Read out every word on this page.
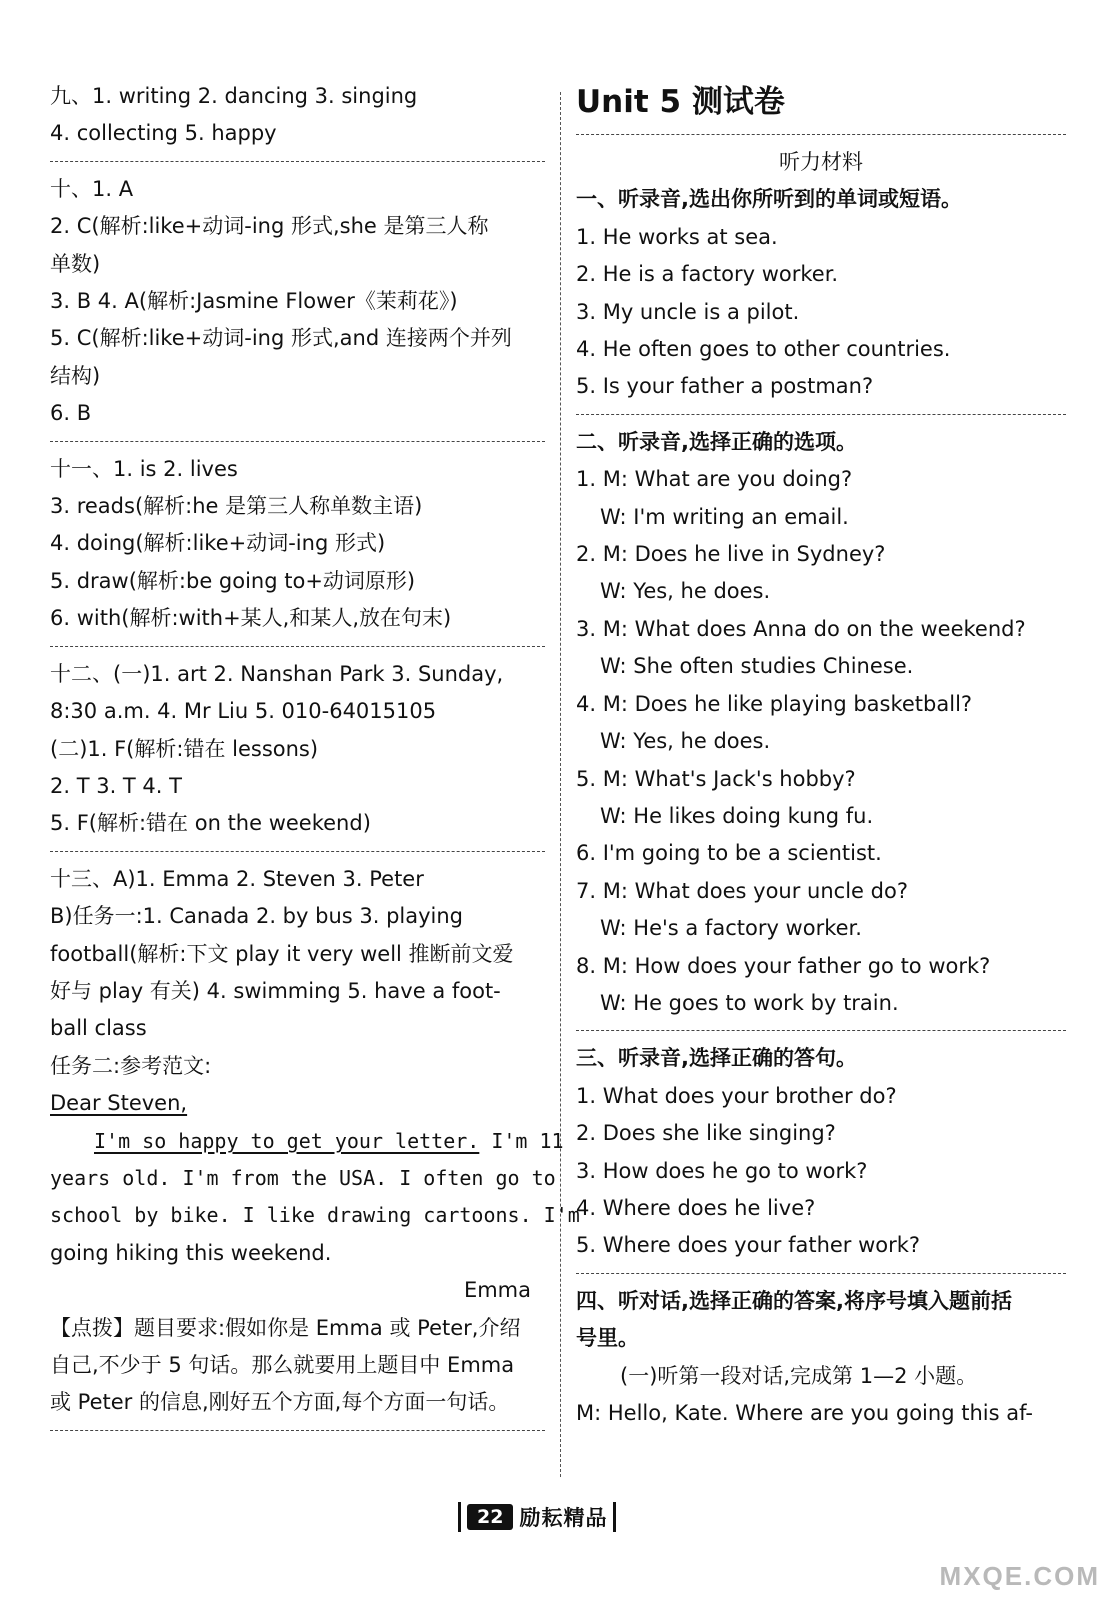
九、1. writing 2. dancing 3. singing
4. collecting 5. happy
十、1. A
2. C(解析:like+动词-ing 形式,she 是第三人称
单数)
3. B 4. A(解析:Jasmine Flower《茉莉花》)
5. C(解析:like+动词-ing 形式,and 连接两个并列
结构)
6. B
十一、1. is 2. lives
3. reads(解析:he 是第三人称单数主语)
4. doing(解析:like+动词-ing 形式)
5. draw(解析:be going to+动词原形)
6. with(解析:with+某人,和某人,放在句末)
十二、(一)1. art 2. Nanshan Park 3. Sunday,
8:30 a.m. 4. Mr Liu 5. 010-64015105
(二)1. F(解析:错在 lessons)
2. T 3. T 4. T
5. F(解析:错在 on the weekend)
十三、A)1. Emma 2. Steven 3. Peter
B)任务一:1. Canada 2. by bus 3. playing
football(解析:下文 play it very well 推断前文爱
好与 play 有关) 4. swimming 5. have a foot-
ball class
任务二:参考范文:
Dear Steven,
I'm so happy to get your letter. I'm 11
years old. I'm from the USA. I often go to
school by bike. I like drawing cartoons. I'm
going hiking this weekend.
Emma
【点拨】题目要求:假如你是 Emma 或 Peter,介绍
自己,不少于 5 句话。那么就要用上题目中 Emma
或 Peter 的信息,刚好五个方面,每个方面一句话。
Unit 5 测试卷
听力材料
一、听录音,选出你所听到的单词或短语。
1. He works at sea.
2. He is a factory worker.
3. My uncle is a pilot.
4. He often goes to other countries.
5. Is your father a postman?
二、听录音,选择正确的选项。
1. M: What are you doing?
W: I'm writing an email.
2. M: Does he live in Sydney?
W: Yes, he does.
3. M: What does Anna do on the weekend?
W: She often studies Chinese.
4. M: Does he like playing basketball?
W: Yes, he does.
5. M: What's Jack's hobby?
W: He likes doing kung fu.
6. I'm going to be a scientist.
7. M: What does your uncle do?
W: He's a factory worker.
8. M: How does your father go to work?
W: He goes to work by train.
三、听录音,选择正确的答句。
1. What does your brother do?
2. Does she like singing?
3. How does he go to work?
4. Where does he live?
5. Where does your father work?
四、听对话,选择正确的答案,将序号填入题前括
号里。
(一)听第一段对话,完成第 1—2 小题。
M: Hello, Kate. Where are you going this af-
22 励耘精品
MXQE.COM
